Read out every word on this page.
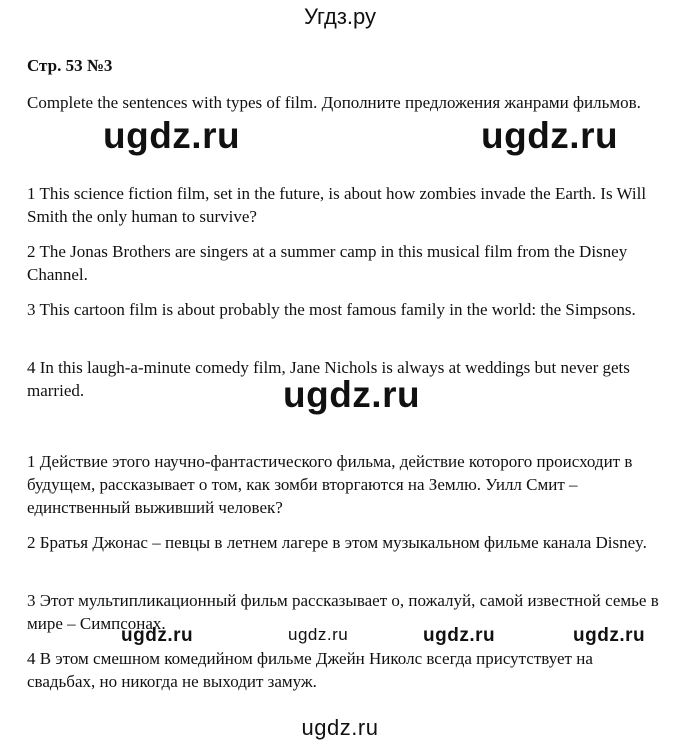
Угдз.ру
Стр. 53 №3

Complete the sentences with types of film. Дополните предложения жанрами фильмов.

1 This science fiction film, set in the future, is about how zombies invade the Earth. Is Will Smith the only human to survive?

2 The Jonas Brothers are singers at a summer camp in this musical film from the Disney Channel.

3 This cartoon film is about probably the most famous family in the world: the Simpsons.

4 In this laugh-a-minute comedy film, Jane Nichols is always at weddings but never gets married.

1 Действие этого научно-фантастического фильма, действие которого происходит в будущем, рассказывает о том, как зомби вторгаются на Землю. Уилл Смит – единственный выживший человек?

2 Братья Джонас – певцы в летнем лагере в этом музыкальном фильме канала Disney.

3 Этот мультипликационный фильм рассказывает о, пожалуй, самой известной семье в мире – Симпсонах.

4 В этом смешном комедийном фильме Джейн Николс всегда присутствует на свадьбах, но никогда не выходит замуж.

ugdz.ru	ugdz.ru
ugdz.ru
ugdz.ru	ugdz.ru	ugdz.ru	ugdz.ru
ugdz.ru
